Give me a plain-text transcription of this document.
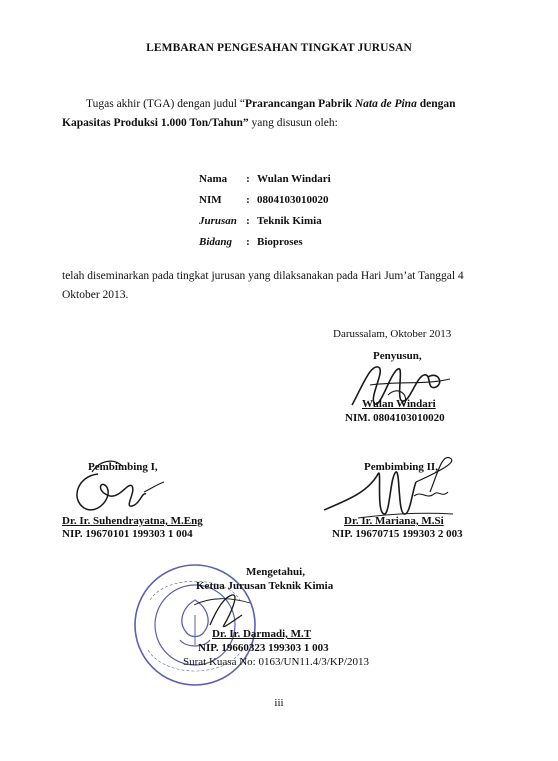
LEMBARAN PENGESAHAN TINGKAT JURUSAN
Tugas akhir (TGA) dengan judul “Prarancangan Pabrik Nata de Pina dengan
Kapasitas Produksi 1.000 Ton/Tahun” yang disusun oleh:
Nama	:	Wulan Windari
NIM	:	0804103010020
Jurusan	:	Teknik Kimia
Bidang	:	Bioproses
telah diseminarkan pada tingkat jurusan yang dilaksanakan pada Hari Jum’at Tanggal 4 Oktober 2013.
Darussalam, Oktober 2013
Penyusun,
Wulan Windari
NIM. 0804103010020
Pembimbing I,
Dr. Ir. Suhendrayatna, M.Eng
NIP. 19670101 199303 1 004
Pembimbing II,
Dr. Ir. Mariana, M.Si
NIP. 19670715 199303 2 003
Mengetahui,
Ketua Jurusan Teknik Kimia
Dr. Ir. Darmadi, M.T
NIP. 19660323 199303 1 003
Surat Kuasa No: 0163/UN11.4/3/KP/2013
iii
